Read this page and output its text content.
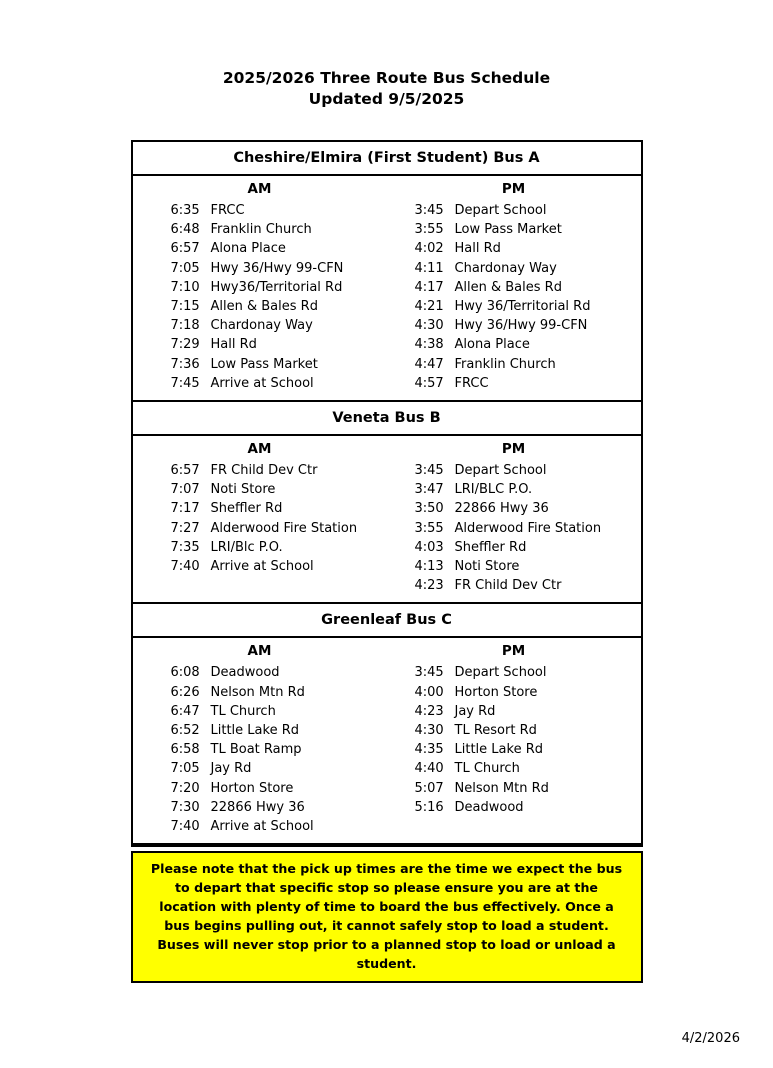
2025/2026 Three Route Bus Schedule
Updated 9/5/2025
Cheshire/Elmira (First Student) Bus A
AM
6:35 FRCC
6:48 Franklin Church
6:57 Alona Place
7:05 Hwy 36/Hwy 99-CFN
7:10 Hwy36/Territorial Rd
7:15 Allen & Bales Rd
7:18 Chardonay Way
7:29 Hall Rd
7:36 Low Pass Market
7:45 Arrive at School
PM
3:45 Depart School
3:55 Low Pass Market
4:02 Hall Rd
4:11 Chardonay Way
4:17 Allen & Bales Rd
4:21 Hwy 36/Territorial Rd
4:30 Hwy 36/Hwy 99-CFN
4:38 Alona Place
4:47 Franklin Church
4:57 FRCC
Veneta Bus B
AM
6:57 FR Child Dev Ctr
7:07 Noti Store
7:17 Sheffler Rd
7:27 Alderwood Fire Station
7:35 LRI/Blc P.O.
7:40 Arrive at School
PM
3:45 Depart School
3:47 LRI/BLC P.O.
3:50 22866 Hwy 36
3:55 Alderwood Fire Station
4:03 Sheffler Rd
4:13 Noti Store
4:23 FR Child Dev Ctr
Greenleaf Bus C
AM
6:08 Deadwood
6:26 Nelson Mtn Rd
6:47 TL Church
6:52 Little Lake Rd
6:58 TL Boat Ramp
7:05 Jay Rd
7:20 Horton Store
7:30 22866 Hwy 36
7:40 Arrive at School
PM
3:45 Depart School
4:00 Horton Store
4:23 Jay Rd
4:30 TL Resort Rd
4:35 Little Lake Rd
4:40 TL Church
5:07 Nelson Mtn Rd
5:16 Deadwood
Please note that the pick up times are the time we expect the bus to depart that specific stop so please ensure you are at the location with plenty of time to board the bus effectively. Once a bus begins pulling out, it cannot safely stop to load a student. Buses will never stop prior to a planned stop to load or unload a student.
4/2/2026
